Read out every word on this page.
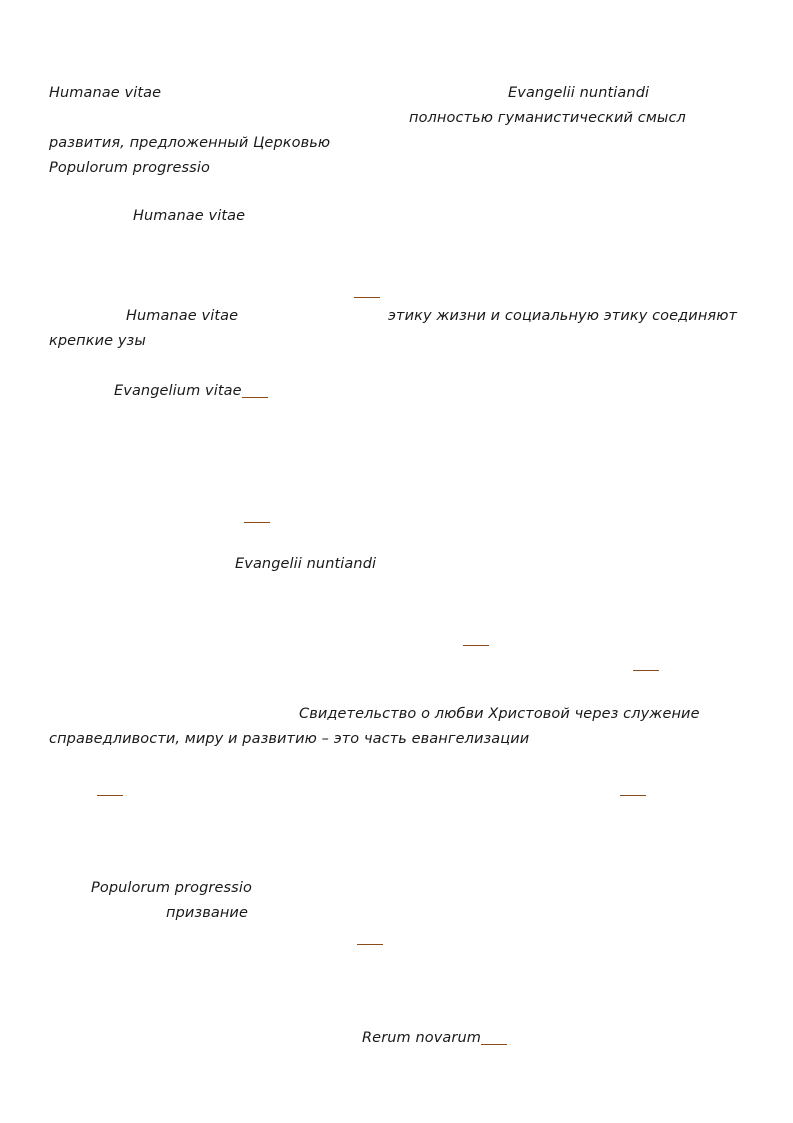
Humanae vitae	Evangelii nuntiandi
полностью гуманистический смысл
развития, предложенный Церковью
Populorum progressio
Humanae vitae
Humanae vitae	этику жизни и социальную этику соединяют
крепкие узы
Evangelium vitae
Evangelii nuntiandi
Свидетельство о любви Христовой через служение
справедливости, миру и развитию – это часть евангелизации
Populorum progressio
призвание
Rerum novarum
